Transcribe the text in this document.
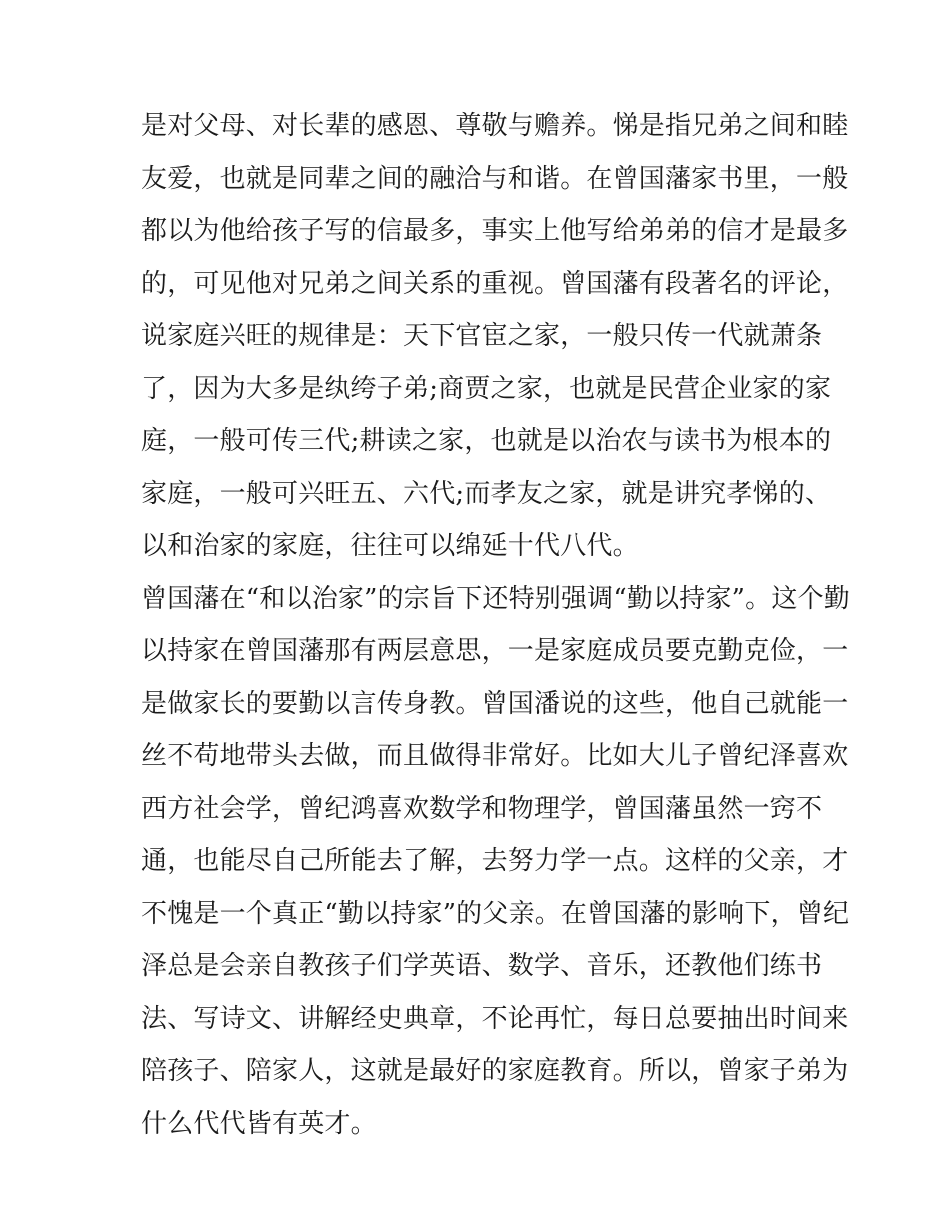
是对父母、对长辈的感恩、尊敬与赡养。悌是指兄弟之间和睦
友爱，也就是同辈之间的融洽与和谐。在曾国藩家书里，一般
都以为他给孩子写的信最多，事实上他写给弟弟的信才是最多
的，可见他对兄弟之间关系的重视。曾国藩有段著名的评论，
说家庭兴旺的规律是：天下官宦之家，一般只传一代就萧条
了，因为大多是纨绔子弟;商贾之家，也就是民营企业家的家
庭，一般可传三代;耕读之家，也就是以治农与读书为根本的
家庭，一般可兴旺五、六代;而孝友之家，就是讲究孝悌的、
以和治家的家庭，往往可以绵延十代八代。
曾国藩在“和以治家”的宗旨下还特别强调“勤以持家”。这个勤
以持家在曾国藩那有两层意思，一是家庭成员要克勤克俭，一
是做家长的要勤以言传身教。曾国潘说的这些，他自己就能一
丝不苟地带头去做，而且做得非常好。比如大儿子曾纪泽喜欢
西方社会学，曾纪鸿喜欢数学和物理学，曾国藩虽然一窍不
通，也能尽自己所能去了解，去努力学一点。这样的父亲，才
不愧是一个真正“勤以持家”的父亲。在曾国藩的影响下，曾纪
泽总是会亲自教孩子们学英语、数学、音乐，还教他们练书
法、写诗文、讲解经史典章，不论再忙，每日总要抽出时间来
陪孩子、陪家人，这就是最好的家庭教育。所以，曾家子弟为
什么代代皆有英才。
